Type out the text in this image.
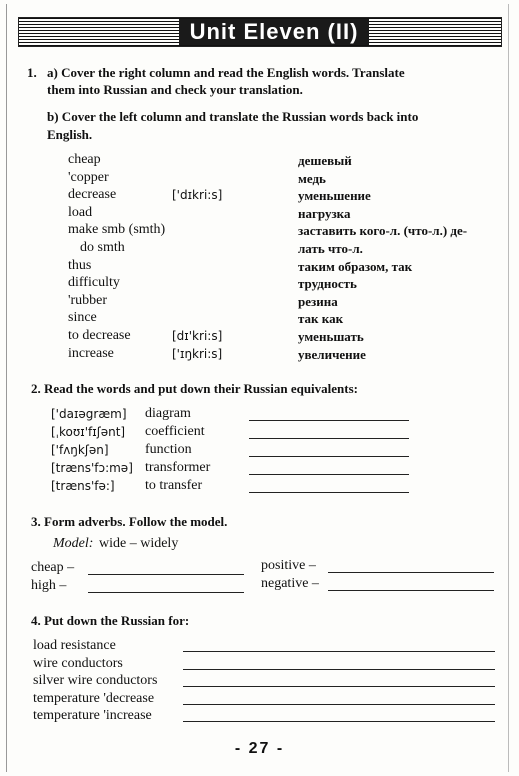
Unit Eleven (II)
1. a) Cover the right column and read the English words. Translate
them into Russian and check your translation.
b) Cover the left column and translate the Russian words back into
English.
cheap	дешевый
'copper	медь
decrease	['dɪkri:s]	уменьшение
load	нагрузка
make smb (smth)	заставить кого-л. (что-л.) де-
do smth	лать что-л.
thus	таким образом, так
difficulty	трудность
'rubber	резина
since	так как
to decrease	[dɪ'kri:s]	уменьшать
increase	['ɪŋkri:s]	увеличение
2. Read the words and put down their Russian equivalents:
['daɪəgræm] diagram
[ˌkoʊɪ'fɪʃənt] coefficient
['fʌŋkʃən]	function
[træns'fɔ:mə] transformer
[træns'fə:] to transfer
3. Form adverbs. Follow the model.
Model: wide – widely
cheap –
high –
positive –
negative –
4. Put down the Russian for:
load resistance
wire conductors
silver wire conductors
temperature 'decrease
temperature 'increase
- 27 -
